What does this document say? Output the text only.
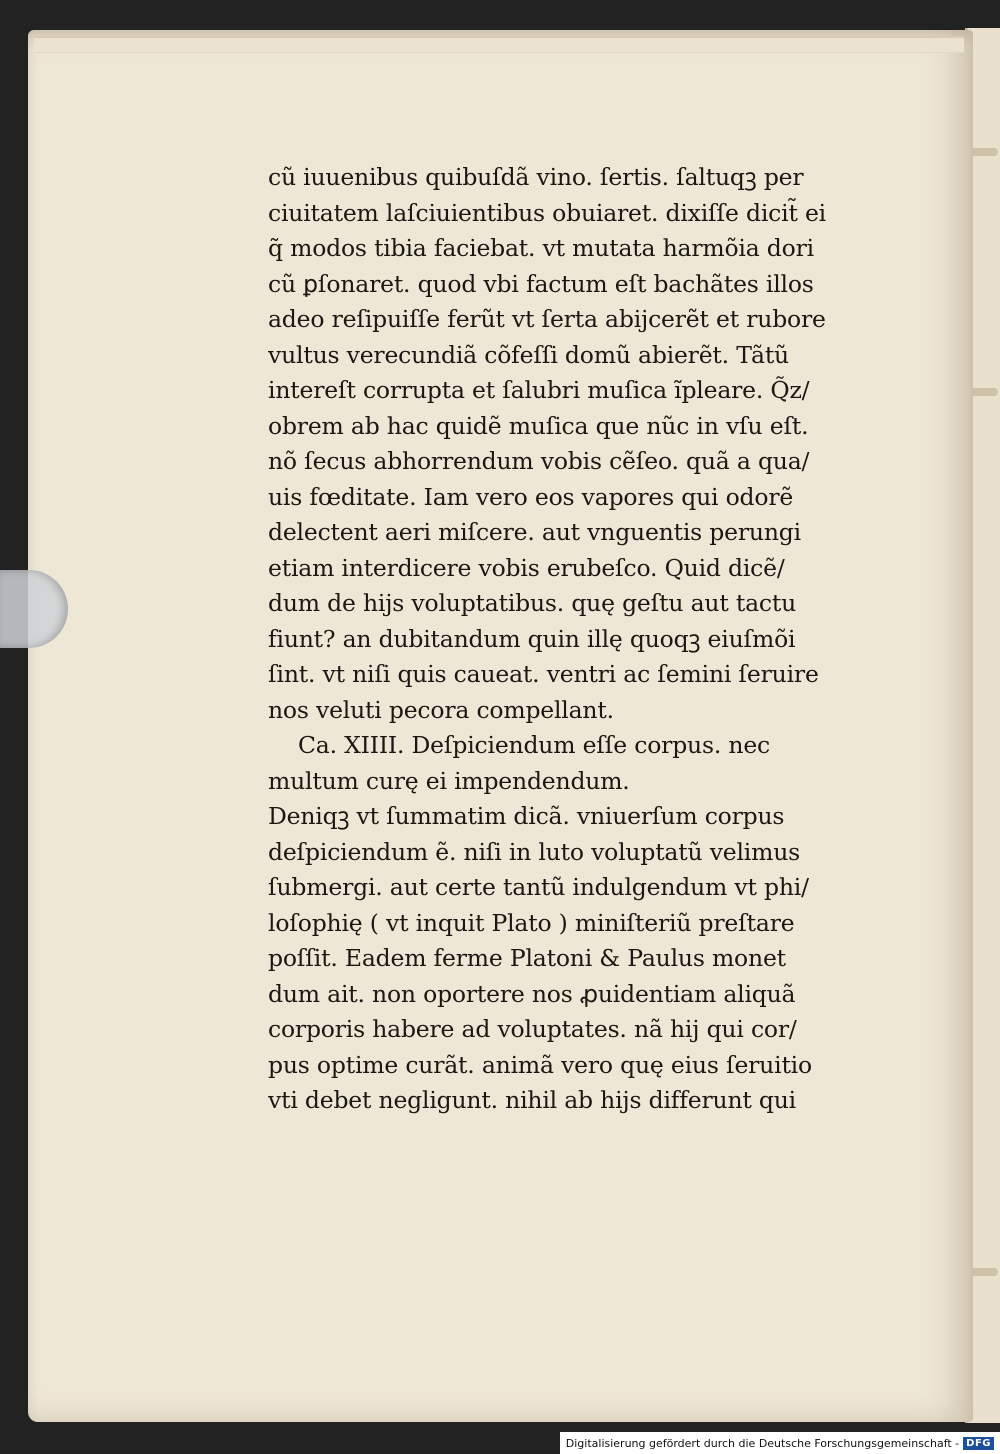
cũ iuuenibus quibuſdã vino. ſertis. ſaltuqꝫ per
ciuitatem laſciuientibus obuiaret. dixiſſe dicit̃ ei
q̃ modos tibia faciebat. vt mutata harmõia dori
cũ ꝑſonaret. quod vbi factum eſt bachãtes illos
adeo reſipuiſſe ferũt vt ſerta abijcerẽt et rubore
vultus verecundiã cõfeſſi domũ abierẽt. Tãtũ
intereſt corrupta et ſalubri muſica ĩpleare. Q̃z/
obrem ab hac quidẽ muſica que nũc in vſu eſt.
nõ ſecus abhorrendum vobis cẽſeo. quã a qua/
uis fœditate. Iam vero eos vapores qui odorẽ
delectent aeri miſcere. aut vnguentis perungi
etiam interdicere vobis erubeſco. Quid dicẽ/
dum de hijs voluptatibus. quę geſtu aut tactu
fiunt? an dubitandum quin illę quoqꝫ eiuſmõi
ſint. vt niſi quis caueat. ventri ac ſemini ſeruire
nos veluti pecora compellant.
Ca. XIIII. Deſpiciendum eſſe corpus. nec
multum curę ei impendendum.
Deniqꝫ vt ſummatim dicã. vniuerſum corpus
deſpiciendum ẽ. niſi in luto voluptatũ velimus
ſubmergi. aut certe tantũ indulgendum vt phi/
loſophię ( vt inquit Plato ) miniſteriũ preſtare
poſſit. Eadem ferme Platoni & Paulus monet
dum ait. non oportere nos ꝓuidentiam aliquã
corporis habere ad voluptates. nã hij qui cor/
pus optime curãt. animã vero quę eius ſeruitio
vti debet negligunt. nihil ab hijs differunt qui
Digitalisierung gefördert durch die Deutsche Forschungsgemeinschaft - DFG
